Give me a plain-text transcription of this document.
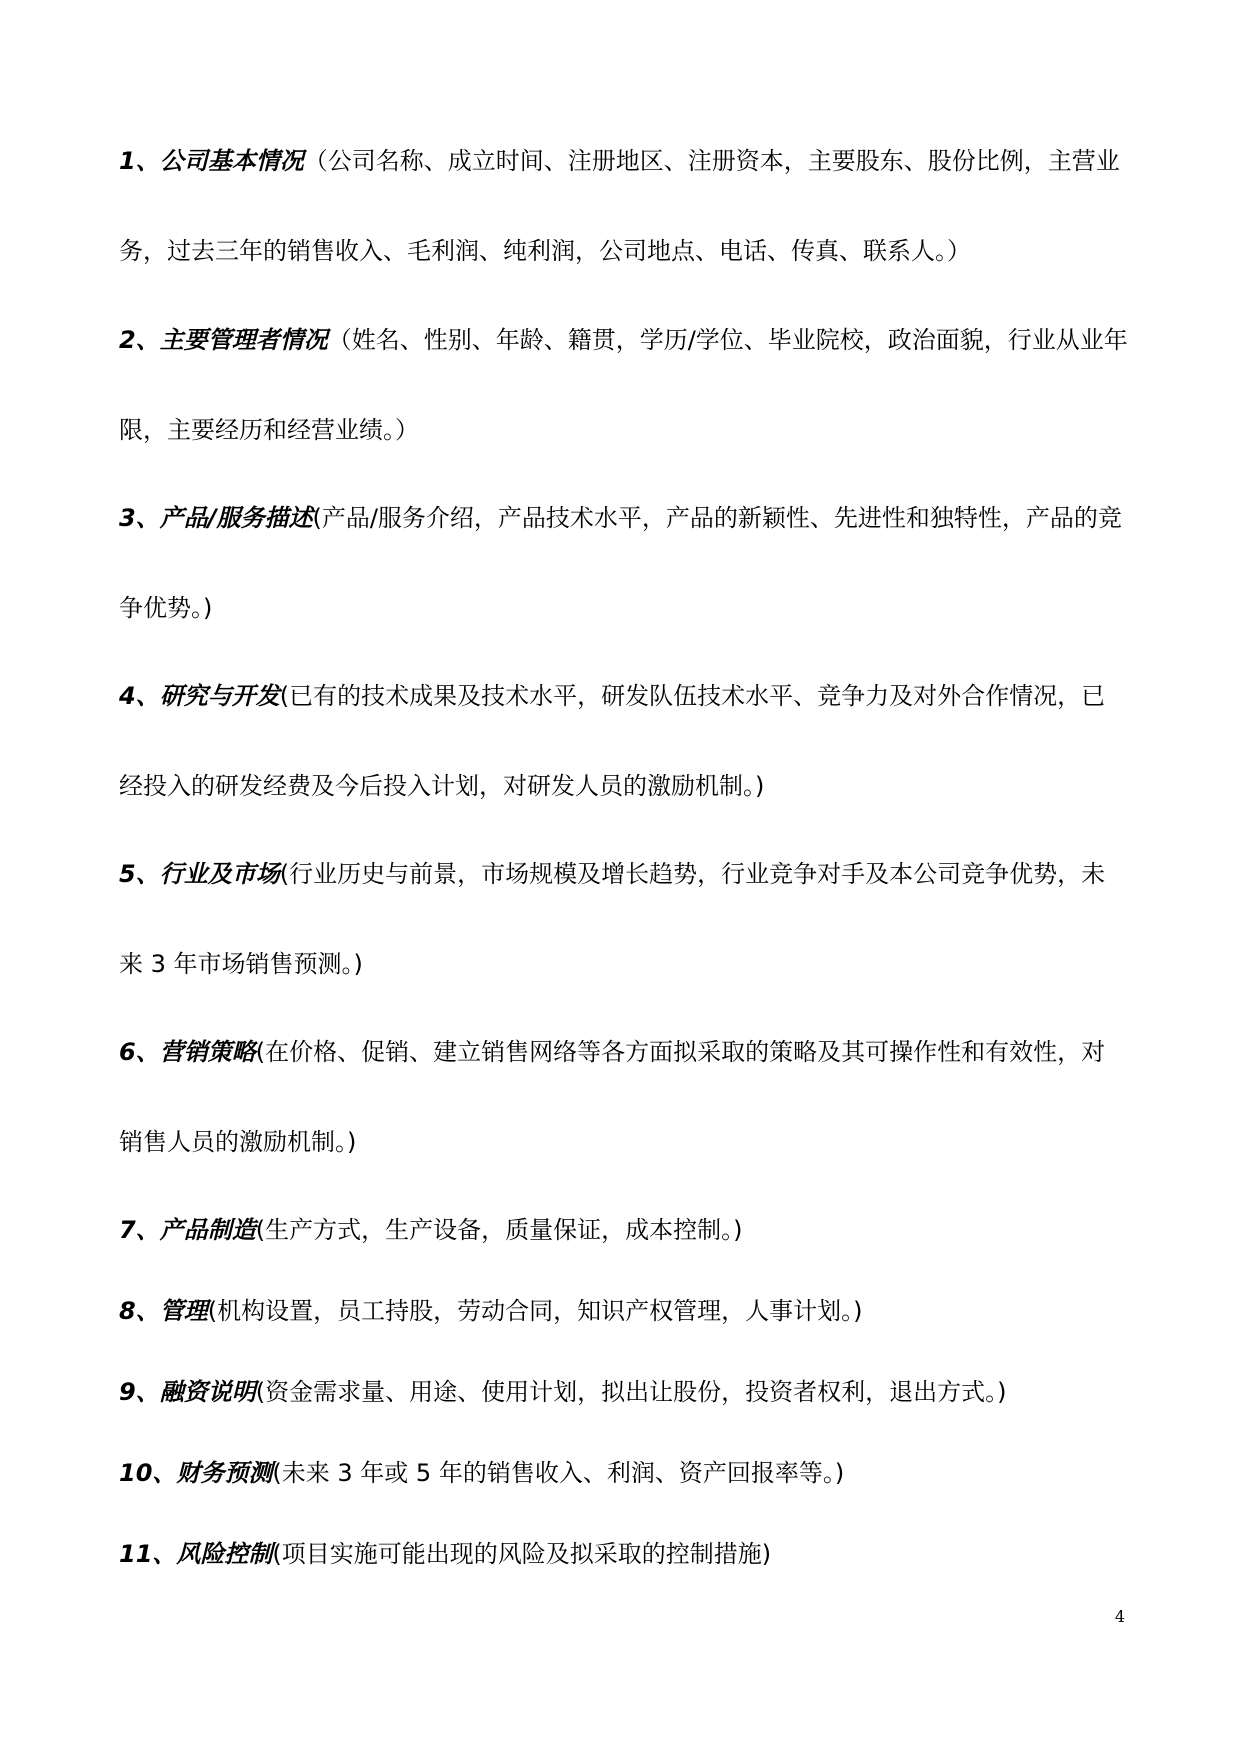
1、公司基本情况（公司名称、成立时间、注册地区、注册资本，主要股东、股份比例，主营业务，过去三年的销售收入、毛利润、纯利润，公司地点、电话、传真、联系人。）

2、主要管理者情况（姓名、性别、年龄、籍贯，学历/学位、毕业院校，政治面貌，行业从业年限，主要经历和经营业绩。）

3、产品/服务描述(产品/服务介绍，产品技术水平，产品的新颖性、先进性和独特性，产品的竞争优势。)

4、研究与开发(已有的技术成果及技术水平，研发队伍技术水平、竞争力及对外合作情况，已经投入的研发经费及今后投入计划，对研发人员的激励机制。)

5、行业及市场(行业历史与前景，市场规模及增长趋势，行业竞争对手及本公司竞争优势，未来 3 年市场销售预测。)

6、营销策略(在价格、促销、建立销售网络等各方面拟采取的策略及其可操作性和有效性，对销售人员的激励机制。)

7、产品制造(生产方式，生产设备，质量保证，成本控制。)

8、管理(机构设置，员工持股，劳动合同，知识产权管理，人事计划。)

9、融资说明(资金需求量、用途、使用计划，拟出让股份，投资者权利，退出方式。)

10、财务预测(未来 3 年或 5 年的销售收入、利润、资产回报率等。)

11、风险控制(项目实施可能出现的风险及拟采取的控制措施)

4
